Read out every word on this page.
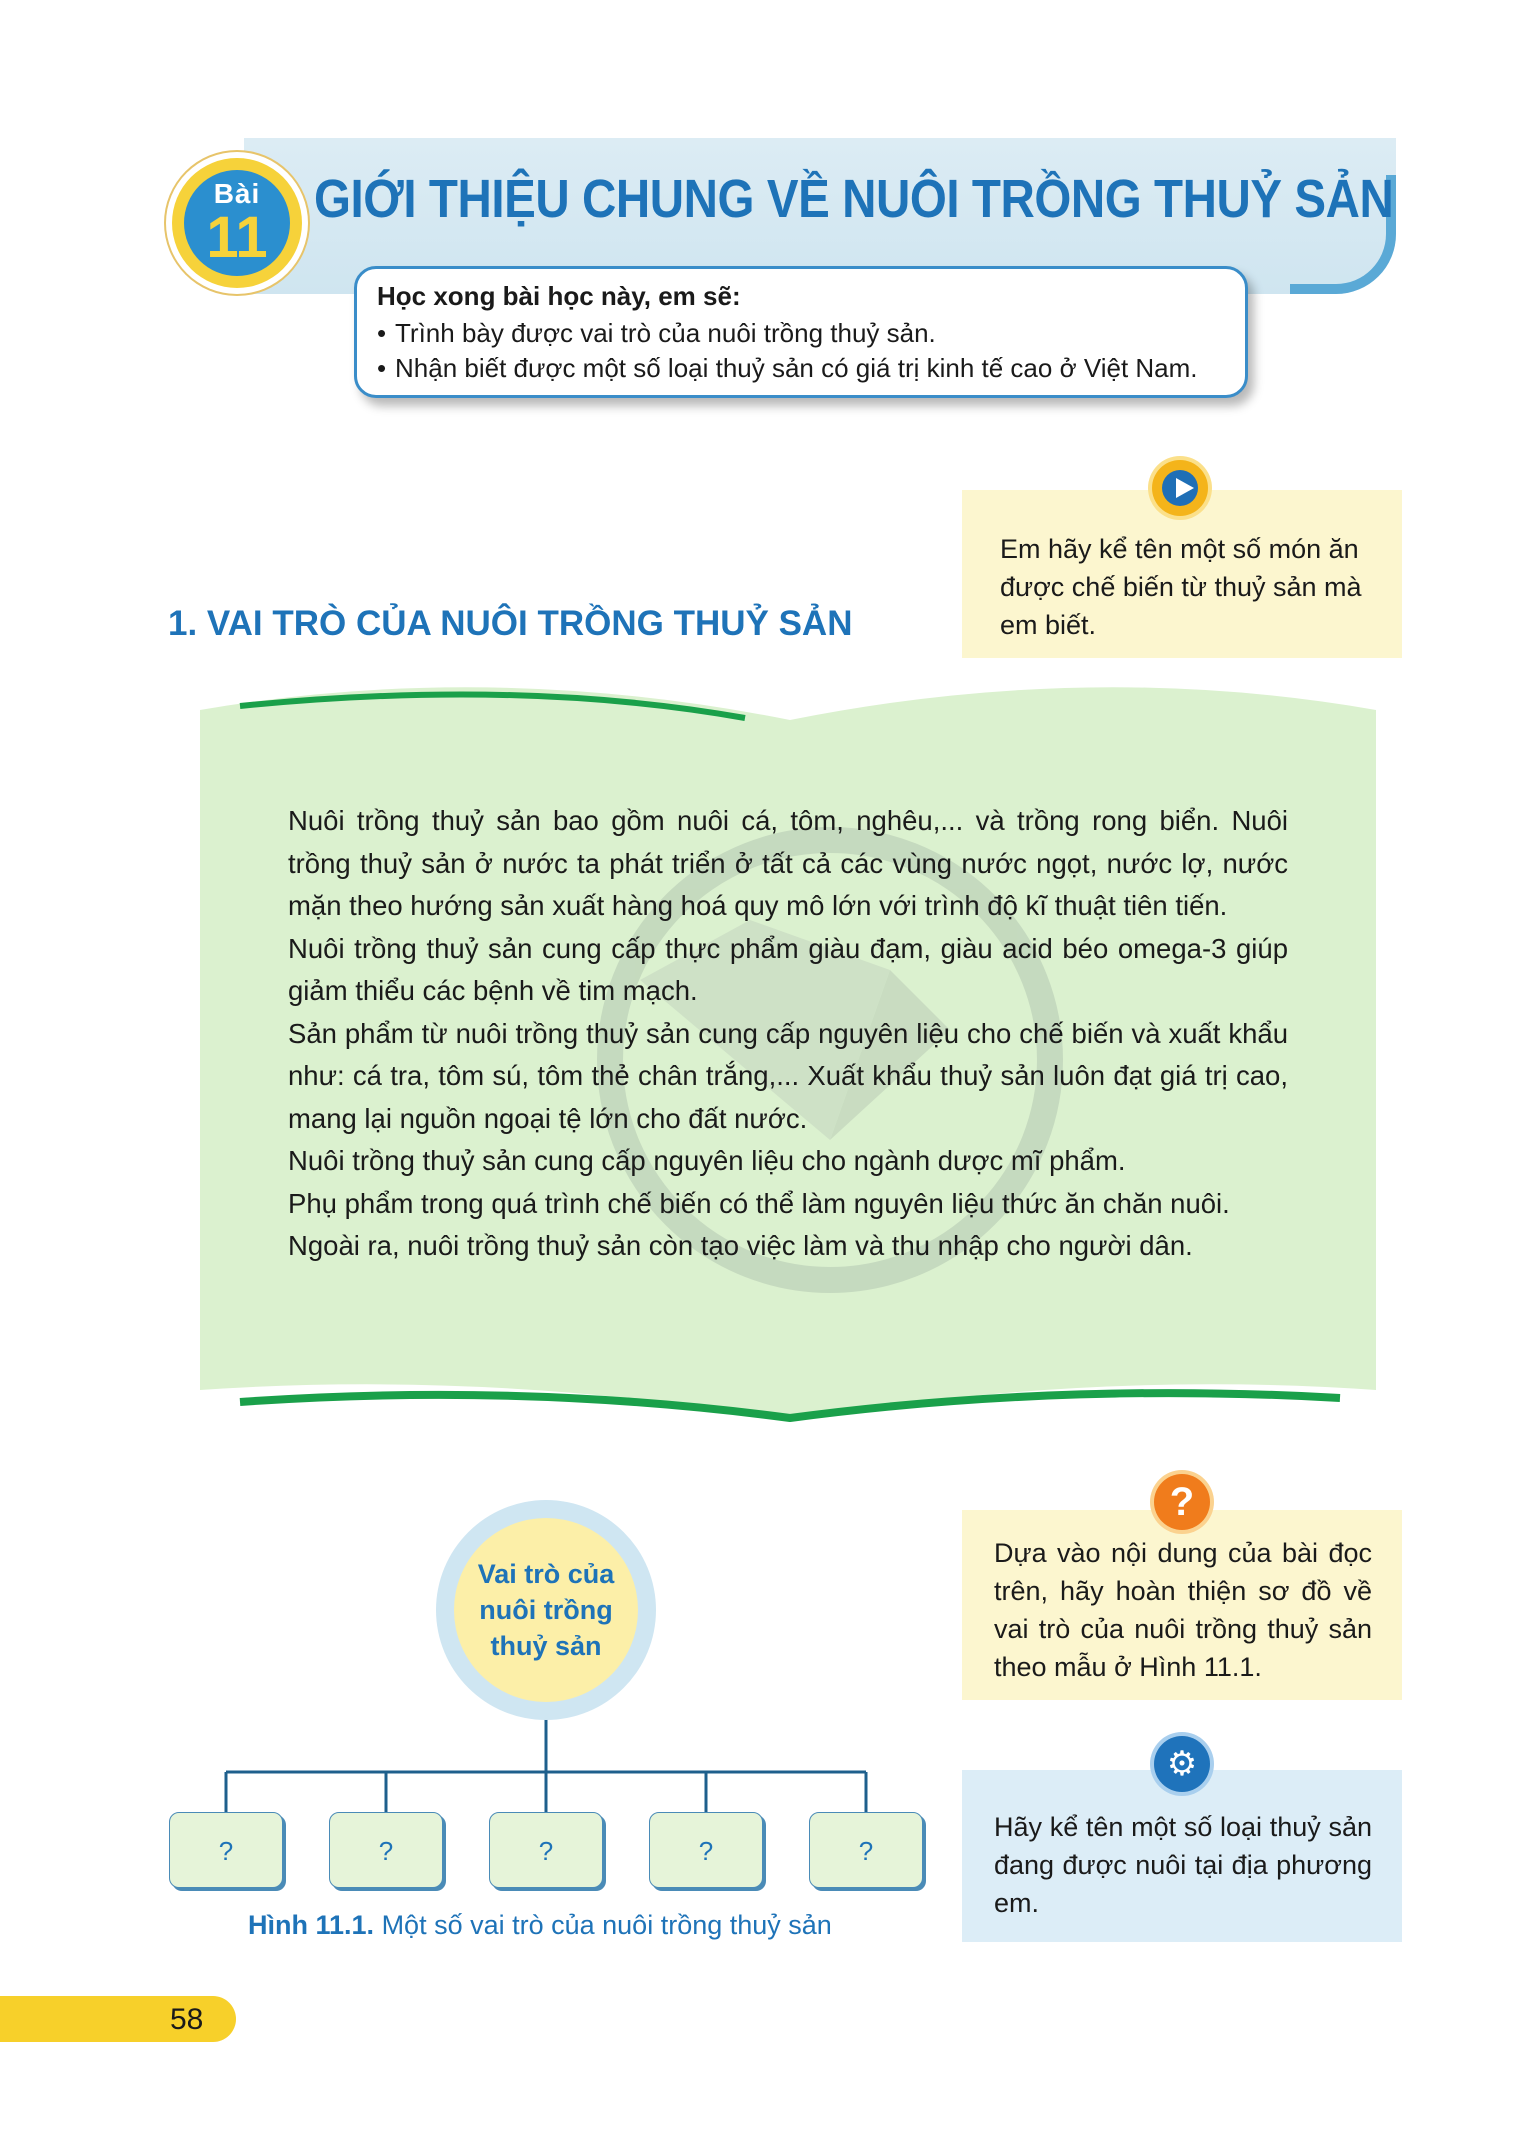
Bài
11
GIỚI THIỆU CHUNG VỀ NUÔI TRỒNG THUỶ SẢN

Học xong bài học này, em sẽ:

• Trình bày được vai trò của nuôi trồng thuỷ sản.

• Nhận biết được một số loại thuỷ sản có giá trị kinh tế cao ở Việt Nam.

Em hãy kể tên một số món ăn được chế biến từ thuỷ sản mà em biết.
1. VAI TRÒ CỦA NUÔI TRỒNG THUỶ SẢN

Nuôi trồng thuỷ sản bao gồm nuôi cá, tôm, nghêu,... và trồng rong biển. Nuôi trồng thuỷ sản ở nước ta phát triển ở tất cả các vùng nước ngọt, nước lợ, nước mặn theo hướng sản xuất hàng hoá quy mô lớn với trình độ kĩ thuật tiên tiến.

Nuôi trồng thuỷ sản cung cấp thực phẩm giàu đạm, giàu acid béo omega-3 giúp giảm thiểu các bệnh về tim mạch.

Sản phẩm từ nuôi trồng thuỷ sản cung cấp nguyên liệu cho chế biến và xuất khẩu như: cá tra, tôm sú, tôm thẻ chân trắng,... Xuất khẩu thuỷ sản luôn đạt giá trị cao, mang lại nguồn ngoại tệ lớn cho đất nước.

Nuôi trồng thuỷ sản cung cấp nguyên liệu cho ngành dược mĩ phẩm.

Phụ phẩm trong quá trình chế biến có thể làm nguyên liệu thức ăn chăn nuôi.

Ngoài ra, nuôi trồng thuỷ sản còn tạo việc làm và thu nhập cho người dân.

Dựa vào nội dung của bài đọc trên, hãy hoàn thiện sơ đồ về vai trò của nuôi trồng thuỷ sản theo mẫu ở Hình 11.1.
?
Hãy kể tên một số loại thuỷ sản đang được nuôi tại địa phương em.
⚙
Vai trò của nuôi trồng thuỷ sản
?	?	?	?	?
Hình 11.1. Một số vai trò của nuôi trồng thuỷ sản
58
